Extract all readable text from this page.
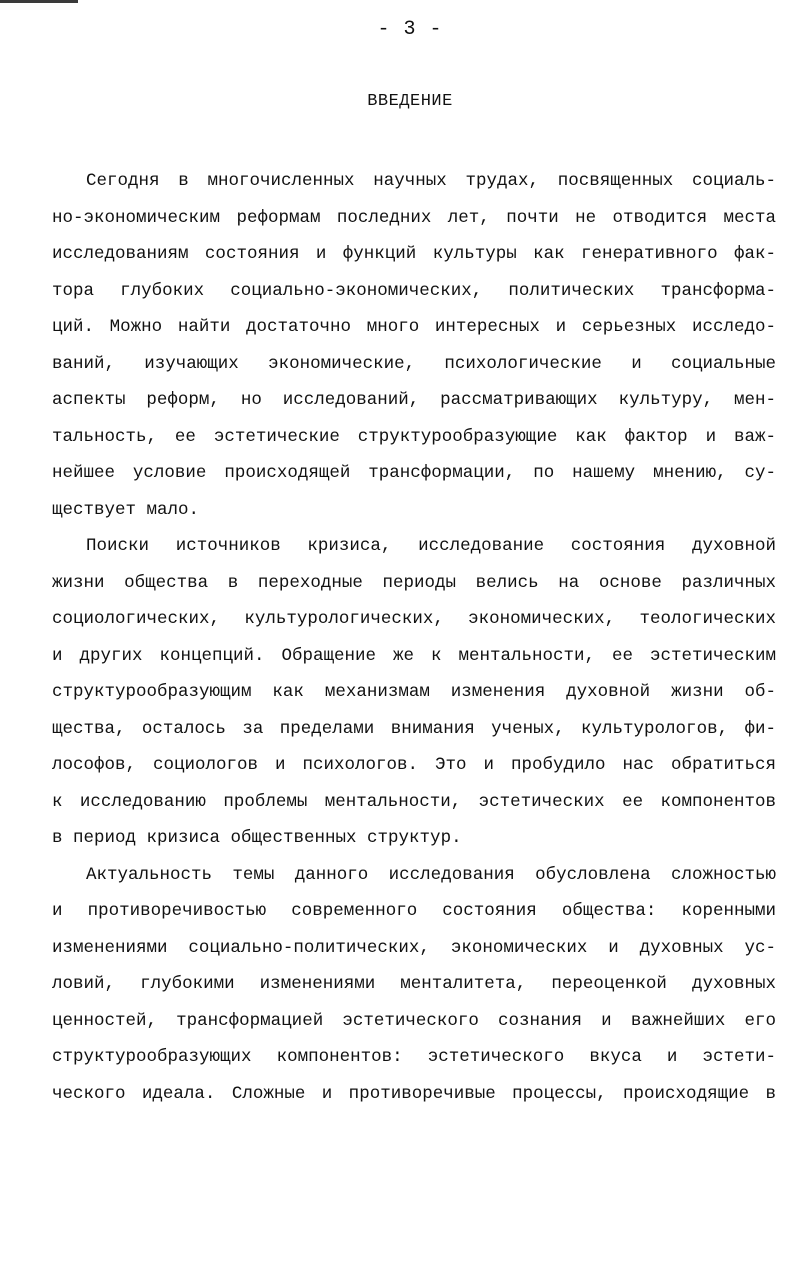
- 3 -
ВВЕДЕНИЕ
Сегодня в многочисленных научных трудах, посвященных социаль-
но-экономическим реформам последних лет, почти не отводится места
исследованиям состояния и функций культуры как генеративного фак-
тора глубоких социально-экономических, политических трансформа-
ций. Можно найти достаточно много интересных и серьезных исследо-
ваний, изучающих экономические, психологические и социальные
аспекты реформ, но исследований, рассматривающих культуру, мен-
тальность, ее эстетические структурообразующие как фактор и важ-
нейшее условие происходящей трансформации, по нашему мнению, су-
ществует мало.
Поиски источников кризиса, исследование состояния духовной
жизни общества в переходные периоды велись на основе различных
социологических, культурологических, экономических, теологических
и других концепций. Обращение же к ментальности, ее эстетическим
структурообразующим как механизмам изменения духовной жизни об-
щества, осталось за пределами внимания ученых, культурологов, фи-
лософов, социологов и психологов. Это и пробудило нас обратиться
к исследованию проблемы ментальности, эстетических ее компонентов
в период кризиса общественных структур.
Актуальность темы данного исследования обусловлена сложностью
и противоречивостью современного состояния общества: коренными
изменениями социально-политических, экономических и духовных ус-
ловий, глубокими изменениями менталитета, переоценкой духовных
ценностей, трансформацией эстетического сознания и важнейших его
структурообразующих компонентов: эстетического вкуса и эстети-
ческого идеала. Сложные и противоречивые процессы, происходящие в
